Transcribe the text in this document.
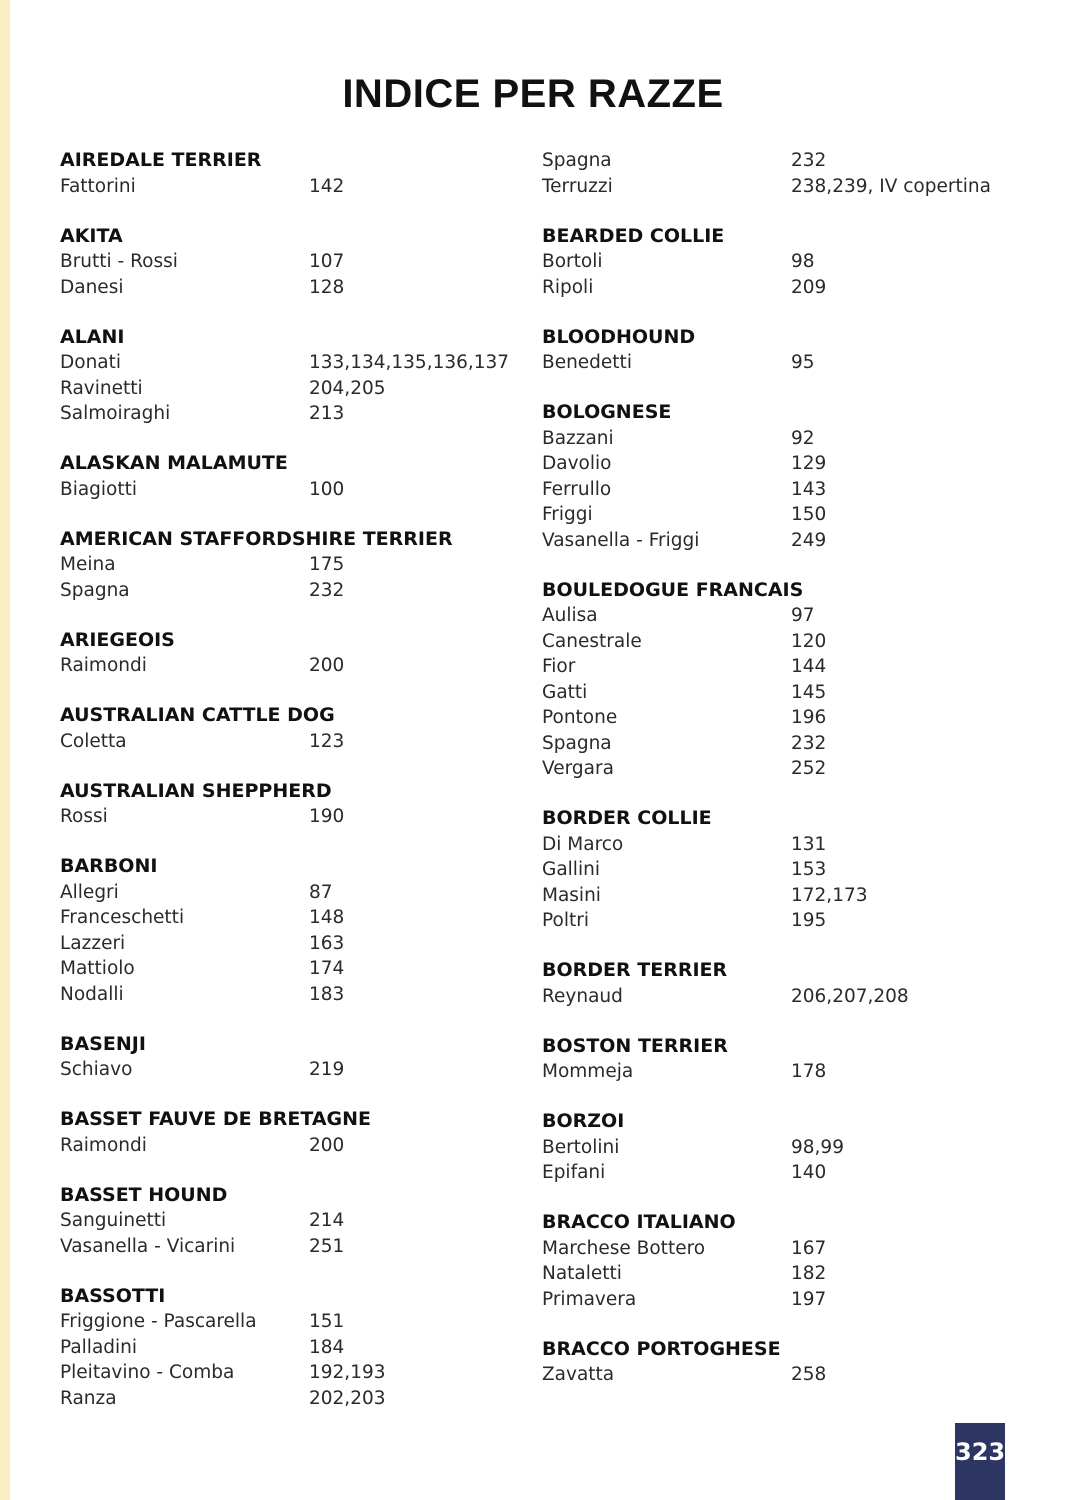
INDICE PER RAZZE
AIREDALE TERRIER
Fattorini	142
AKITA
Brutti - Rossi	107
Danesi	128
ALANI
Donati	133,134,135,136,137
Ravinetti	204,205
Salmoiraghi	213
ALASKAN MALAMUTE
Biagiotti	100
AMERICAN STAFFORDSHIRE TERRIER
Meina	175
Spagna	232
ARIEGEOIS
Raimondi	200
AUSTRALIAN CATTLE DOG
Coletta	123
AUSTRALIAN SHEPPHERD
Rossi	190
BARBONI
Allegri	87
Franceschetti	148
Lazzeri	163
Mattiolo	174
Nodalli	183
BASENJI
Schiavo	219
BASSET FAUVE DE BRETAGNE
Raimondi	200
BASSET HOUND
Sanguinetti	214
Vasanella - Vicarini	251
BASSOTTI
Friggione - Pascarella	151
Palladini	184
Pleitavino - Comba	192,193
Ranza	202,203
Spagna	232
Terruzzi	238,239, IV copertina
BEARDED COLLIE
Bortoli	98
Ripoli	209
BLOODHOUND
Benedetti	95
BOLOGNESE
Bazzani	92
Davolio	129
Ferrullo	143
Friggi	150
Vasanella - Friggi	249
BOULEDOGUE FRANCAIS
Aulisa	97
Canestrale	120
Fior	144
Gatti	145
Pontone	196
Spagna	232
Vergara	252
BORDER COLLIE
Di Marco	131
Gallini	153
Masini	172,173
Poltri	195
BORDER TERRIER
Reynaud	206,207,208
BOSTON TERRIER
Mommeja	178
BORZOI
Bertolini	98,99
Epifani	140
BRACCO ITALIANO
Marchese Bottero	167
Nataletti	182
Primavera	197
BRACCO PORTOGHESE
Zavatta	258
323
